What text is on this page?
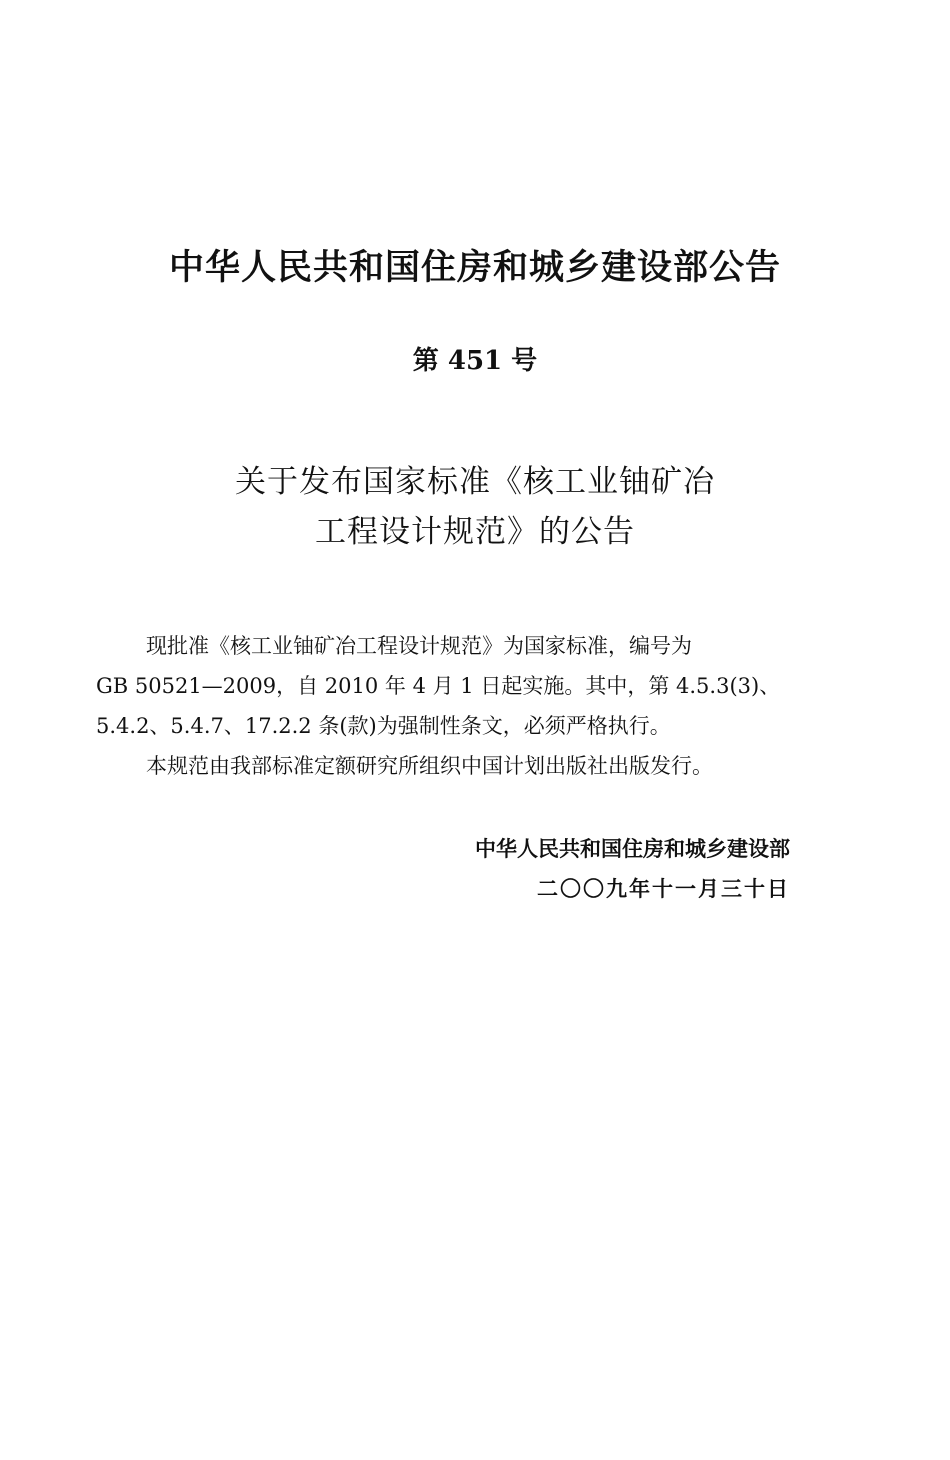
中华人民共和国住房和城乡建设部公告
第 451 号
关于发布国家标准《核工业铀矿冶
工程设计规范》的公告
现批准《核工业铀矿冶工程设计规范》为国家标准，编号为
GB 50521—2009，自 2010 年 4 月 1 日起实施。其中，第 4.5.3(3)、
5.4.2、5.4.7、17.2.2 条(款)为强制性条文，必须严格执行。
本规范由我部标准定额研究所组织中国计划出版社出版发行。
中华人民共和国住房和城乡建设部
二〇〇九年十一月三十日
